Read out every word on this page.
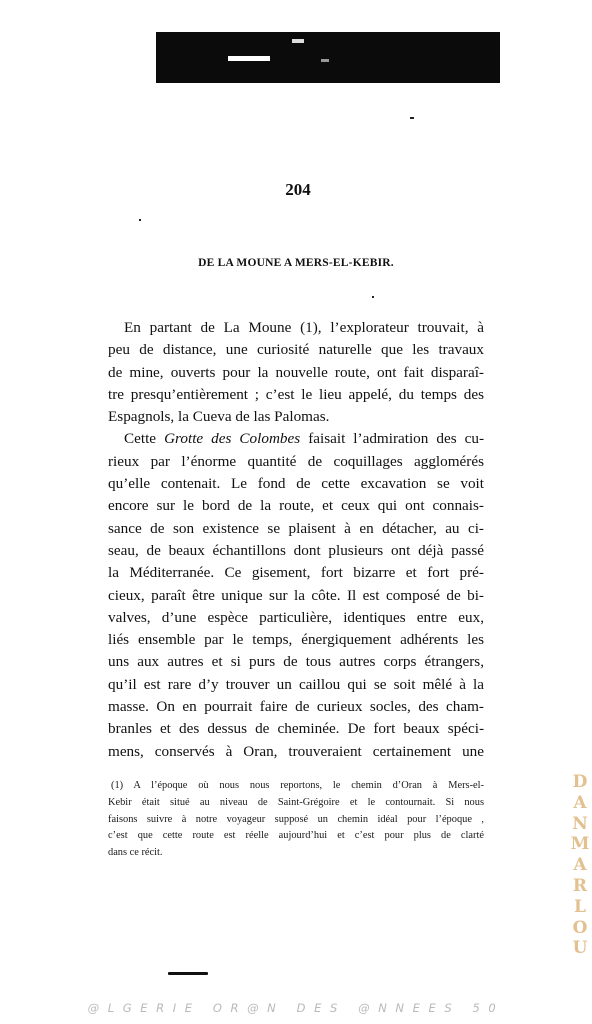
204
DE LA MOUNE A MERS-EL-KEBIR.
En partant de La Moune (1), l’explorateur trouvait, à
peu de distance, une curiosité naturelle que les travaux
de mine, ouverts pour la nouvelle route, ont fait disparaî-
tre presqu’entièrement ; c’est le lieu appelé, du temps des
Espagnols, la Cueva de las Palomas.
Cette Grotte des Colombes faisait l’admiration des cu-
rieux par l’énorme quantité de coquillages agglomérés
qu’elle contenait. Le fond de cette excavation se voit
encore sur le bord de la route, et ceux qui ont connais-
sance de son existence se plaisent à en détacher, au ci-
seau, de beaux échantillons dont plusieurs ont déjà passé
la Méditerranée. Ce gisement, fort bizarre et fort pré-
cieux, paraît être unique sur la côte. Il est composé de bi-
valves, d’une espèce particulière, identiques entre eux,
liés ensemble par le temps, énergiquement adhérents les
uns aux autres et si purs de tous autres corps étrangers,
qu’il est rare d’y trouver un caillou qui se soit mêlé à la
masse. On en pourrait faire de curieux socles, des cham-
branles et des dessus de cheminée. De fort beaux spéci-
mens, conservés à Oran, trouveraient certainement une
(1) A l’époque où nous nous reportons, le chemin d’Oran à Mers-el-
Kebir était situé au niveau de Saint-Grégoire et le contournait. Si nous
faisons suivre à notre voyageur supposé un chemin idéal pour l’époque ,
c’est que cette route est réelle aujourd’hui et c’est pour plus de clarté
dans ce récit.
D
A
N
M
A
R
L
O
U
@LGERIE OR@N DES @NNEES 50
